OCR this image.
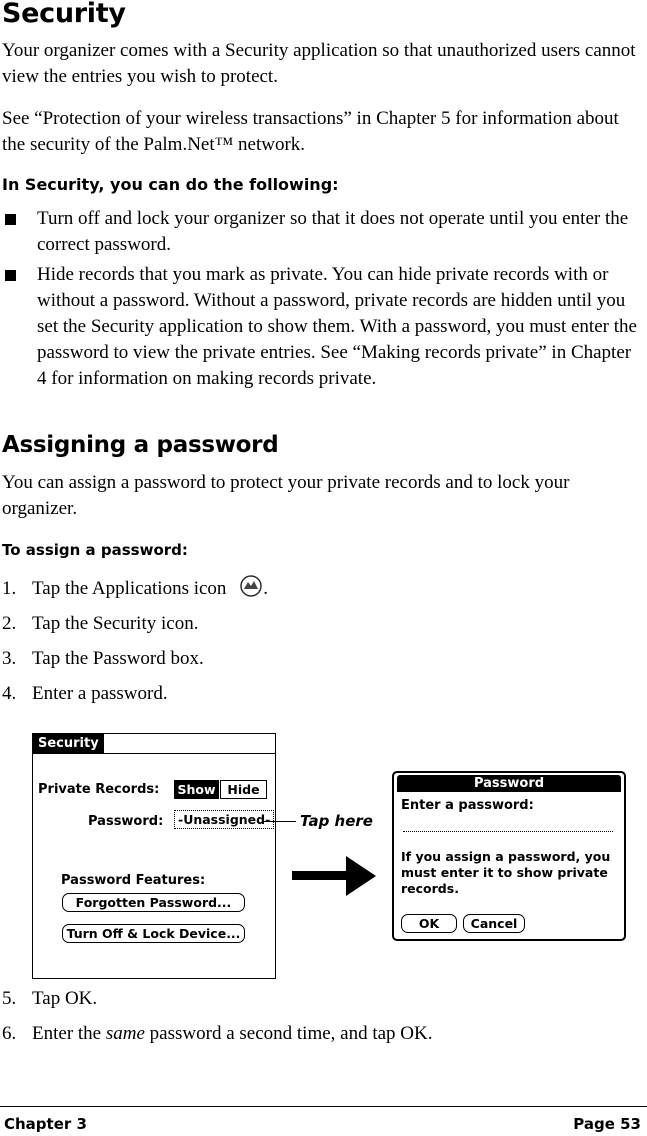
Security

Your organizer comes with a Security application so that unauthorized users cannot view the entries you wish to protect.

See “Protection of your wireless transactions” in Chapter 5 for information about the security of the Palm.Net™ network.

In Security, you can do the following:
Turn off and lock your organizer so that it does not operate until you enter the correct password.
Hide records that you mark as private. You can hide private records with or without a password. Without a password, private records are hidden until you set the Security application to show them. With a password, you must enter the password to view the private entries. See “Making records private” in Chapter 4 for information on making records private.
Assigning a password

You can assign a password to protect your private records and to lock your organizer.

To assign a password:
1. Tap the Applications icon .
2. Tap the Security icon.
3. Tap the Password box.
4. Enter a password.
Security
Private Records: Show Hide
Password:	-Unassigned-
Password Features:
Forgotten Password...
Turn Off & Lock Device...
Tap here
Password
Enter a password:
If you assign a password, you must enter it to show private records.
OK	Cancel
5. Tap OK.
6. Enter the same password a second time, and tap OK.
Chapter 3	Page 53
